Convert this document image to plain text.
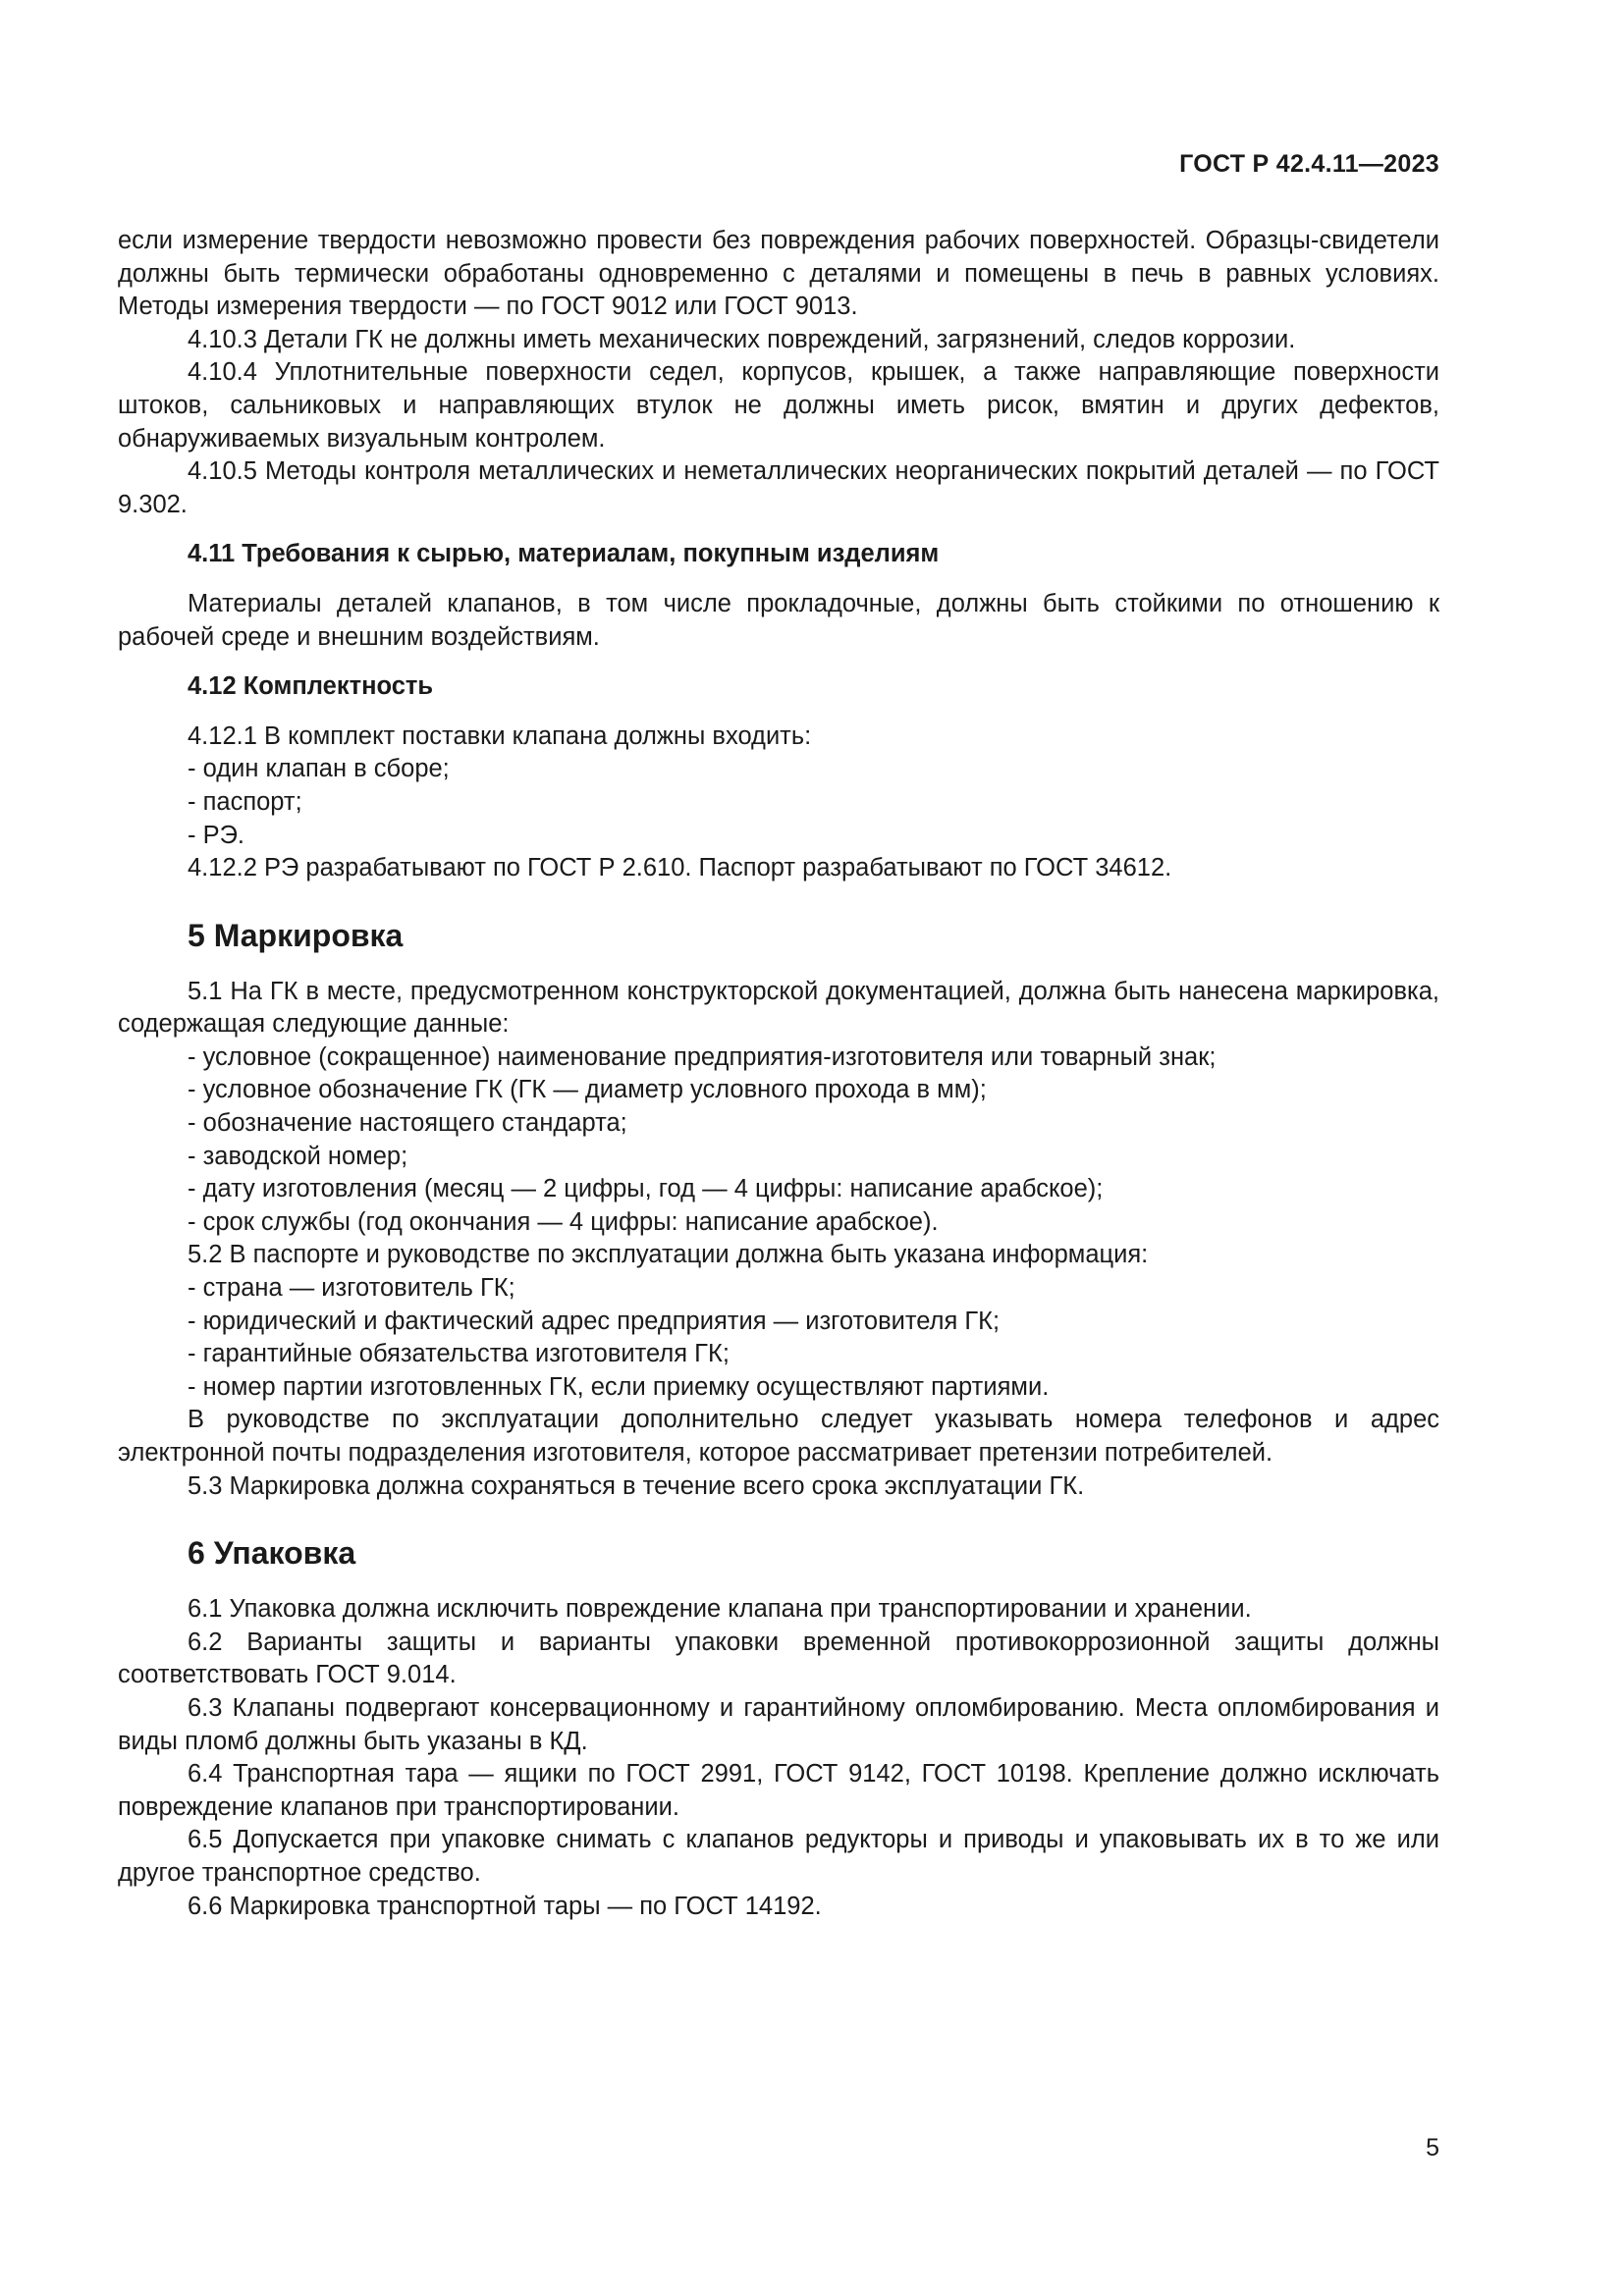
ГОСТ Р 42.4.11—2023

если измерение твердости невозможно провести без повреждения рабочих поверхностей. Образцы-свидетели должны быть термически обработаны одновременно с деталями и помещены в печь в равных условиях. Методы измерения твердости — по ГОСТ 9012 или ГОСТ 9013.

4.10.3 Детали ГК не должны иметь механических повреждений, загрязнений, следов коррозии.

4.10.4 Уплотнительные поверхности седел, корпусов, крышек, а также направляющие поверхности штоков, сальниковых и направляющих втулок не должны иметь рисок, вмятин и других дефектов, обнаруживаемых визуальным контролем.

4.10.5 Методы контроля металлических и неметаллических неорганических покрытий деталей — по ГОСТ 9.302.

4.11 Требования к сырью, материалам, покупным изделиям

Материалы деталей клапанов, в том числе прокладочные, должны быть стойкими по отношению к рабочей среде и внешним воздействиям.

4.12 Комплектность

4.12.1 В комплект поставки клапана должны входить:

- один клапан в сборе;

- паспорт;

- РЭ.

4.12.2 РЭ разрабатывают по ГОСТ Р 2.610. Паспорт разрабатывают по ГОСТ 34612.

5 Маркировка

5.1 На ГК в месте, предусмотренном конструкторской документацией, должна быть нанесена маркировка, содержащая следующие данные:

- условное (сокращенное) наименование предприятия-изготовителя или товарный знак;

- условное обозначение ГК (ГК — диаметр условного прохода в мм);

- обозначение настоящего стандарта;

- заводской номер;

- дату изготовления (месяц — 2 цифры, год — 4 цифры: написание арабское);

- срок службы (год окончания — 4 цифры: написание арабское).

5.2 В паспорте и руководстве по эксплуатации должна быть указана информация:

- страна — изготовитель ГК;

- юридический и фактический адрес предприятия — изготовителя ГК;

- гарантийные обязательства изготовителя ГК;

- номер партии изготовленных ГК, если приемку осуществляют партиями.

В руководстве по эксплуатации дополнительно следует указывать номера телефонов и адрес электронной почты подразделения изготовителя, которое рассматривает претензии потребителей.

5.3 Маркировка должна сохраняться в течение всего срока эксплуатации ГК.

6 Упаковка

6.1 Упаковка должна исключить повреждение клапана при транспортировании и хранении.

6.2 Варианты защиты и варианты упаковки временной противокоррозионной защиты должны соответствовать ГОСТ 9.014.

6.3 Клапаны подвергают консервационному и гарантийному опломбированию. Места опломбирования и виды пломб должны быть указаны в КД.

6.4 Транспортная тара — ящики по ГОСТ 2991, ГОСТ 9142, ГОСТ 10198. Крепление должно исключать повреждение клапанов при транспортировании.

6.5 Допускается при упаковке снимать с клапанов редукторы и приводы и упаковывать их в то же или другое транспортное средство.

6.6 Маркировка транспортной тары — по ГОСТ 14192.

5
